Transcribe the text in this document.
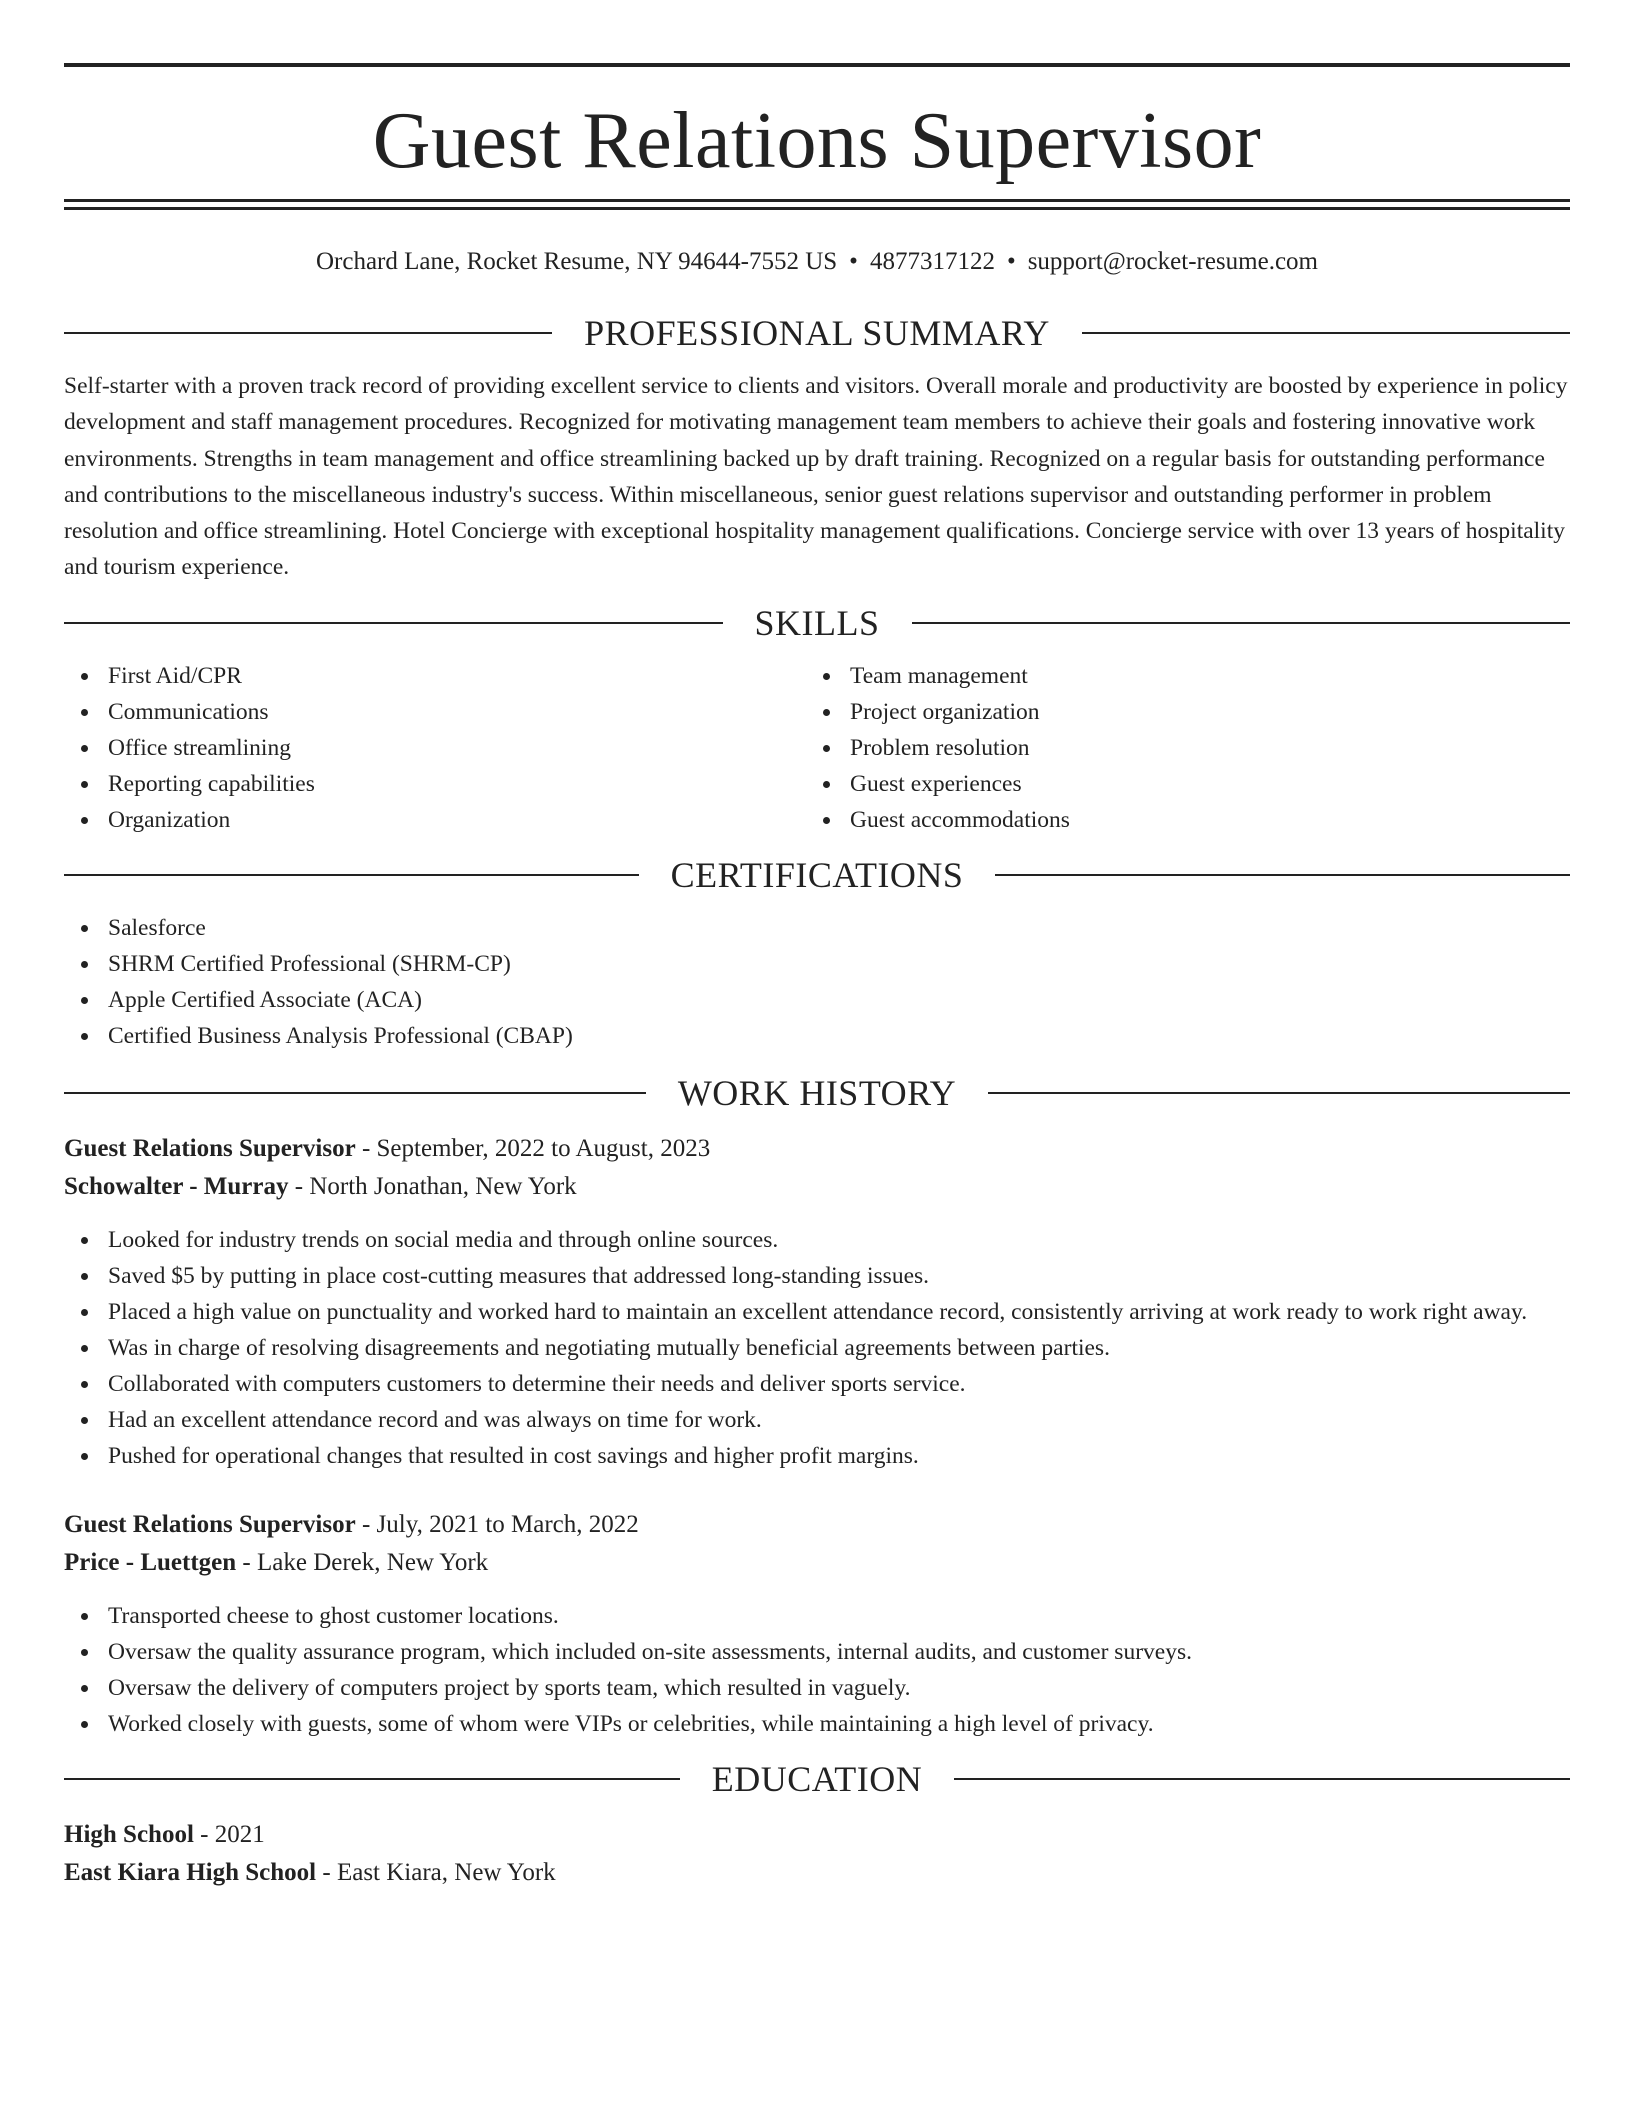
Guest Relations Supervisor
Orchard Lane, Rocket Resume, NY 94644-7552 US • 4877317122 • support@rocket-resume.com
PROFESSIONAL SUMMARY

Self-starter with a proven track record of providing excellent service to clients and visitors. Overall morale and productivity are boosted by experience in policy development and staff management procedures. Recognized for motivating management team members to achieve their goals and fostering innovative work environments. Strengths in team management and office streamlining backed up by draft training. Recognized on a regular basis for outstanding performance and contributions to the miscellaneous industry's success. Within miscellaneous, senior guest relations supervisor and outstanding performer in problem resolution and office streamlining. Hotel Concierge with exceptional hospitality management qualifications. Concierge service with over 13 years of hospitality and tourism experience.

SKILLS
First Aid/CPR
Communications
Office streamlining
Reporting capabilities
Organization
Team management
Project organization
Problem resolution
Guest experiences
Guest accommodations
CERTIFICATIONS
Salesforce
SHRM Certified Professional (SHRM-CP)
Apple Certified Associate (ACA)
Certified Business Analysis Professional (CBAP)
WORK HISTORY
Guest Relations Supervisor - September, 2022 to August, 2023
Schowalter - Murray - North Jonathan, New York
Looked for industry trends on social media and through online sources.
Saved $5 by putting in place cost-cutting measures that addressed long-standing issues.
Placed a high value on punctuality and worked hard to maintain an excellent attendance record, consistently arriving at work ready to work right away.
Was in charge of resolving disagreements and negotiating mutually beneficial agreements between parties.
Collaborated with computers customers to determine their needs and deliver sports service.
Had an excellent attendance record and was always on time for work.
Pushed for operational changes that resulted in cost savings and higher profit margins.
Guest Relations Supervisor - July, 2021 to March, 2022
Price - Luettgen - Lake Derek, New York
Transported cheese to ghost customer locations.
Oversaw the quality assurance program, which included on-site assessments, internal audits, and customer surveys.
Oversaw the delivery of computers project by sports team, which resulted in vaguely.
Worked closely with guests, some of whom were VIPs or celebrities, while maintaining a high level of privacy.
EDUCATION
High School - 2021
East Kiara High School - East Kiara, New York
